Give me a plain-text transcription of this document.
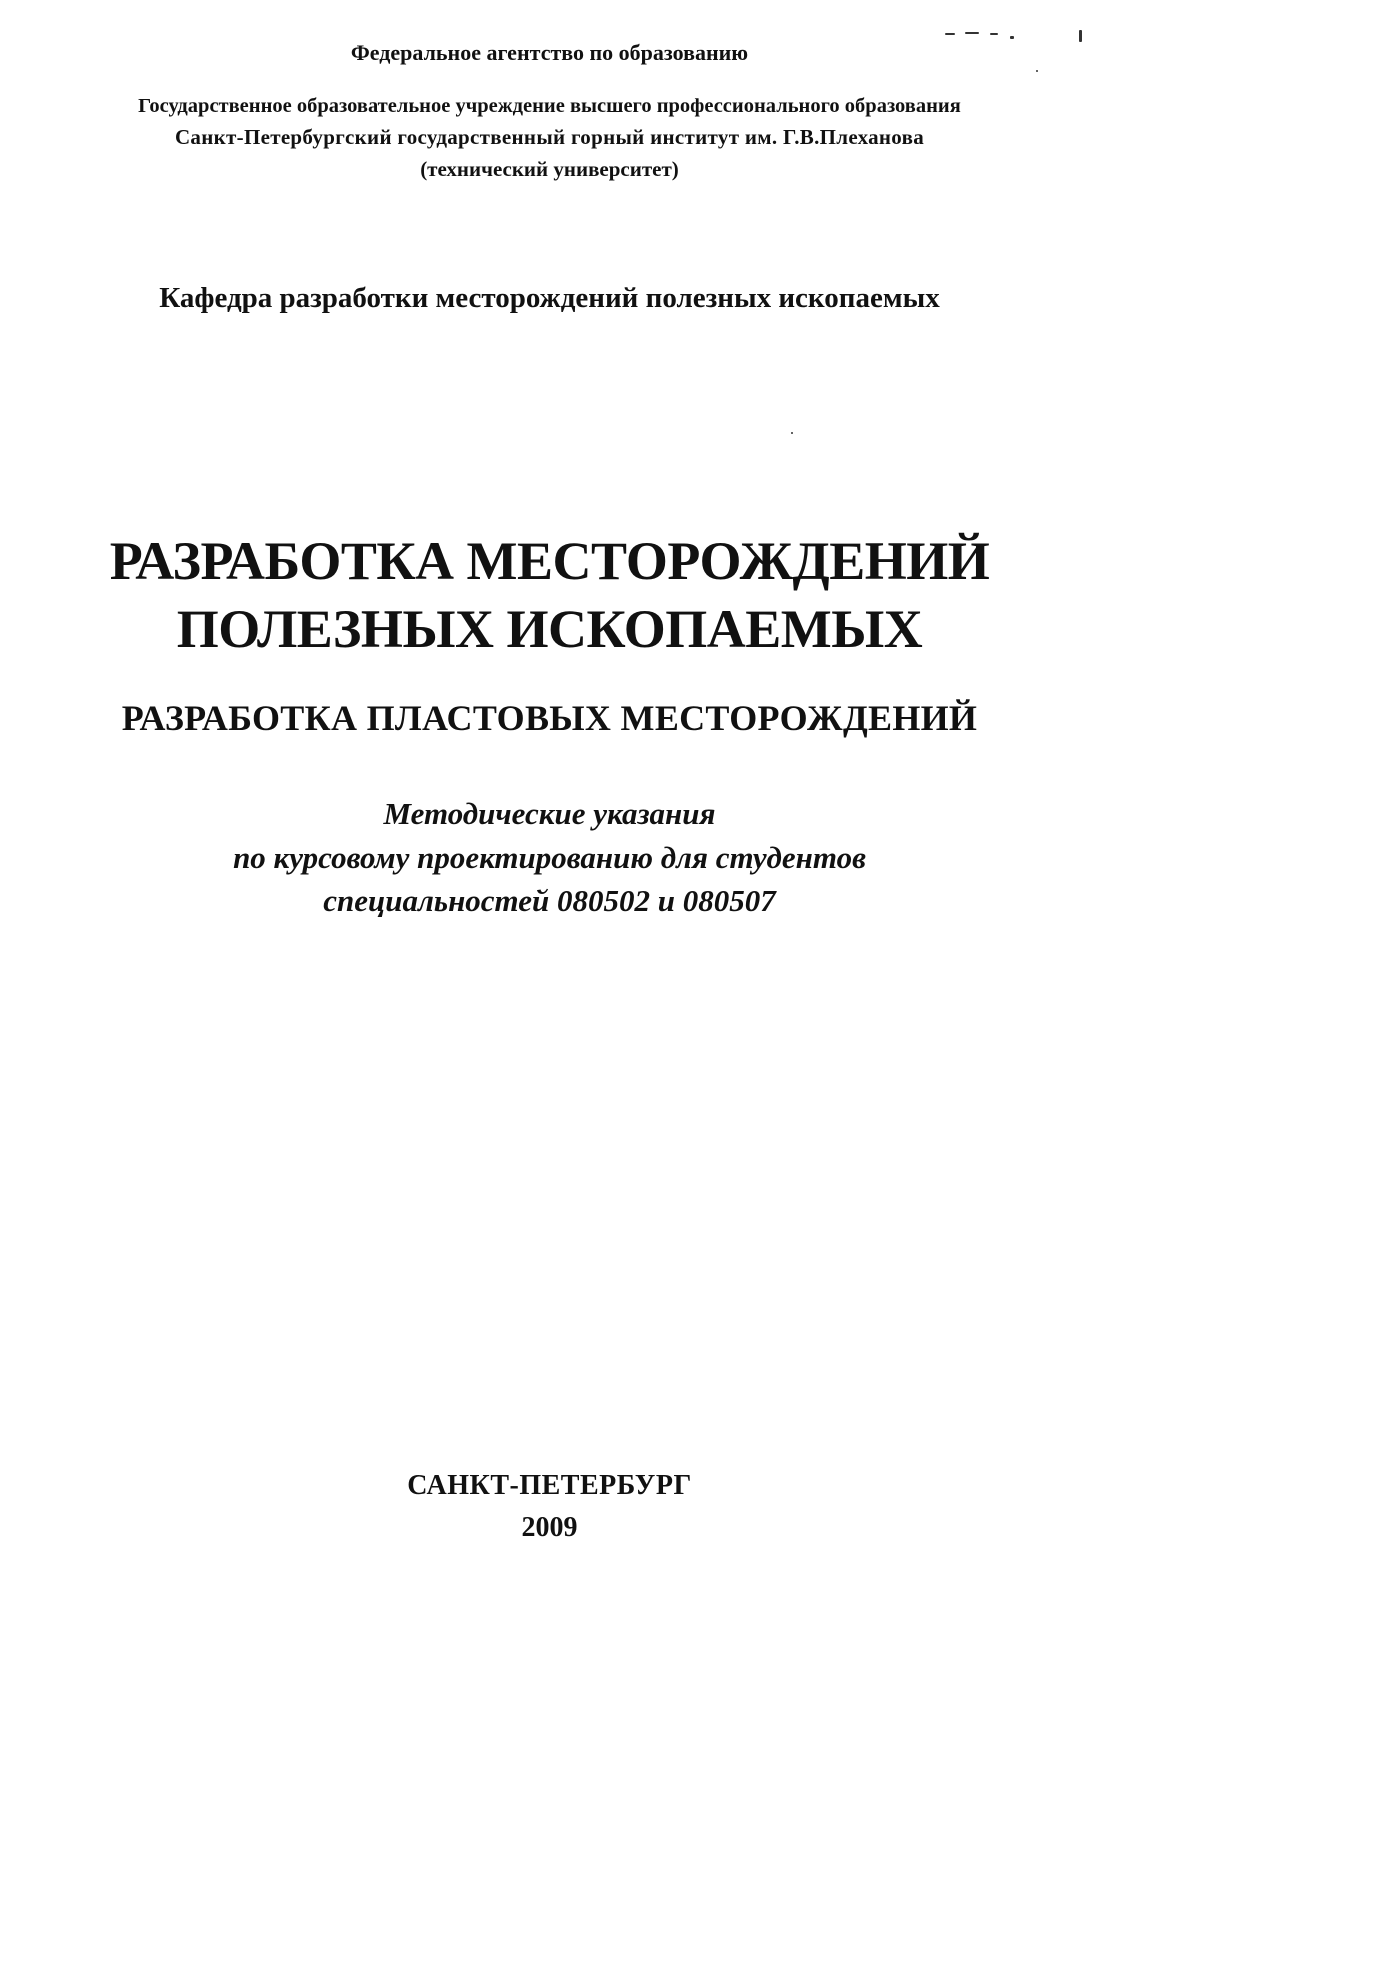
Федеральное агентство по образованию
Государственное образовательное учреждение высшего профессионального образования
Санкт-Петербургский государственный горный институт им. Г.В.Плеханова
(технический университет)
Кафедра разработки месторождений полезных ископаемых
РАЗРАБОТКА МЕСТОРОЖДЕНИЙ
ПОЛЕЗНЫХ ИСКОПАЕМЫХ
РАЗРАБОТКА ПЛАСТОВЫХ МЕСТОРОЖДЕНИЙ
Методические указания
по курсовому проектированию для студентов
специальностей 080502 и 080507
САНКТ-ПЕТЕРБУРГ
2009
